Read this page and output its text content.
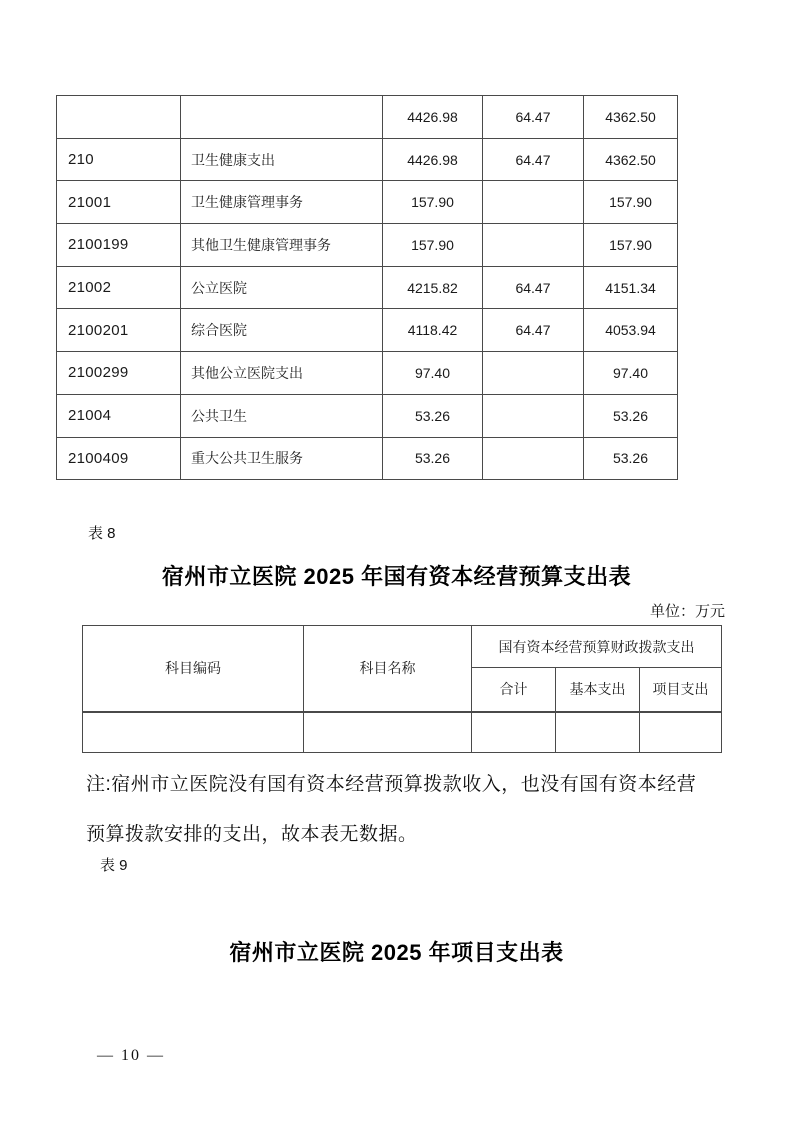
		4426.98	64.47	4362.50
210	卫生健康支出	4426.98	64.47	4362.50
21001	卫生健康管理事务	157.90		157.90
2100199	其他卫生健康管理事务	157.90		157.90
21002	公立医院	4215.82	64.47	4151.34
2100201	综合医院	4118.42	64.47	4053.94
2100299	其他公立医院支出	97.40		97.40
21004	公共卫生	53.26		53.26
2100409	重大公共卫生服务	53.26		53.26
表 8
宿州市立医院 2025 年国有资本经营预算支出表
单位：万元
科目编码	科目名称	国有资本经营预算财政拨款支出		
		合计	基本支出	项目支出

注:宿州市立医院没有国有资本经营预算拨款收入，也没有国有资本经营
预算拨款安排的支出，故本表无数据。
表 9
宿州市立医院 2025 年项目支出表
— 10 —
